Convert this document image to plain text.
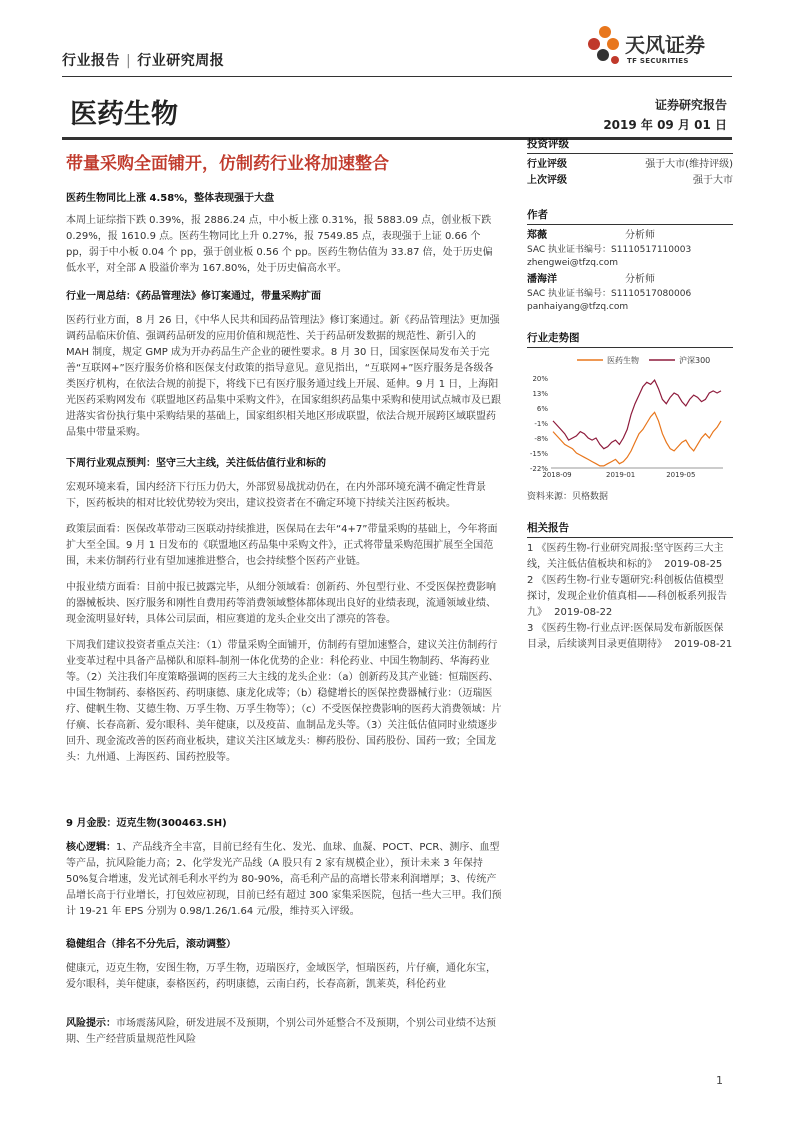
行业报告 | 行业研究周报
天风证券
TF SECURITIES
医药生物	证券研究报告
2019 年 09 月 01 日
带量采购全面铺开，仿制药行业将加速整合

医药生物同比上涨 4.58%，整体表现强于大盘

本周上证综指下跌 0.39%，报 2886.24 点，中小板上涨 0.31%，报 5883.09 点，创业板下跌 0.29%，报 1610.9 点。医药生物同比上升 0.27%，报 7549.85 点，表现强于上证 0.66 个 pp，弱于中小板 0.04 个 pp，强于创业板 0.56 个 pp。医药生物估值为 33.87 倍，处于历史偏低水平，对全部 A 股溢价率为 167.80%，处于历史偏高水平。

行业一周总结：《药品管理法》修订案通过，带量采购扩面

医药行业方面，8 月 26 日，《中华人民共和国药品管理法》修订案通过。新《药品管理法》更加强调药品临床价值、强调药品研发的应用价值和规范性、关于药品研发数据的规范性、新引入的 MAH 制度，规定 GMP 成为开办药品生产企业的硬性要求。8 月 30 日，国家医保局发布关于完善“互联网+”医疗服务价格和医保支付政策的指导意见。意见指出，“互联网+”医疗服务是各级各类医疗机构，在依法合规的前提下，将线下已有医疗服务通过线上开展、延伸。9 月 1 日，上海阳光医药采购网发布《联盟地区药品集中采购文件》，在国家组织药品集中采购和使用试点城市及已跟进落实省份执行集中采购结果的基础上，国家组织相关地区形成联盟，依法合规开展跨区域联盟药品集中带量采购。

下周行业观点预判：坚守三大主线，关注低估值行业和标的

宏观环境来看，国内经济下行压力仍大，外部贸易战扰动仍在，在内外部环境充满不确定性背景下，医药板块的相对比较优势较为突出，建议投资者在不确定环境下持续关注医药板块。

政策层面看：医保改革带动三医联动持续推进，医保局在去年“4+7”带量采购的基础上，今年将面扩大至全国。9 月 1 日发布的《联盟地区药品集中采购文件》，正式将带量采购范围扩展至全国范围，未来仿制药行业有望加速推进整合，也会持续整个医药产业链。

中报业绩方面看：目前中报已披露完毕，从细分领域看：创新药、外包型行业、不受医保控费影响的器械板块、医疗服务和刚性自费用药等消费领域整体都体现出良好的业绩表现，流通领域业绩、现金流明显好转，具体公司层面，相应赛道的龙头企业交出了漂亮的答卷。

下周我们建议投资者重点关注：（1）带量采购全面铺开，仿制药有望加速整合，建议关注仿制药行业变革过程中具备产品梯队和原料-制剂一体化优势的企业：科伦药业、中国生物制药、华海药业等。（2）关注我们年度策略强调的医药三大主线的龙头企业：（a）创新药及其产业链：恒瑞医药、中国生物制药、泰格医药、药明康德、康龙化成等；（b）稳健增长的医保控费器械行业：（迈瑞医疗、健帆生物、艾德生物、万孚生物、万孚生物等）；（c）不受医保控费影响的医药大消费领域：片仔癀、长春高新、爱尔眼科、美年健康，以及疫苗、血制品龙头等。（3）关注低估值同时业绩逐步回升、现金流改善的医药商业板块，建议关注区域龙头：柳药股份、国药股份、国药一致；全国龙头：九州通、上海医药、国药控股等。

9 月金股：迈克生物(300463.SH)

核心逻辑：1、产品线齐全丰富，目前已经有生化、发光、血球、血凝、POCT、PCR、测序、血型等产品，抗风险能力高；2、化学发光产品线（A 股只有 2 家有规模企业），预计未来 3 年保持 50%复合增速，发光试剂毛利水平约为 80-90%，高毛利产品的高增长带来利润增厚；3、传统产品增长高于行业增长，打包效应初现，目前已经有超过 300 家集采医院，包括一些大三甲。我们预计 19-21 年 EPS 分别为 0.98/1.26/1.64 元/股，维持买入评级。

稳健组合（排名不分先后，滚动调整）

健康元，迈克生物，安图生物，万孚生物，迈瑞医疗，金域医学，恒瑞医药，片仔癀，通化东宝，爱尔眼科，美年健康，泰格医药，药明康德，云南白药，长春高新，凯莱英，科伦药业

风险提示：市场震荡风险，研发进展不及预期，个别公司外延整合不及预期，个别公司业绩不达预期、生产经营质量规范性风险

投资评级
行业评级	强于大市(维持评级)
上次评级	强于大市
作者
郑薇	分析师
SAC 执业证书编号：S1110517110003
zhengwei@tfzq.com
潘海洋	分析师
SAC 执业证书编号：S1110517080006
panhaiyang@tfzq.com
行业走势图
医药生物	沪深300
20%
13%
6%
-1%
-8%
-15%
-22%
2018-09	2019-01	2019-05
资料来源：贝格数据
相关报告

1 《医药生物-行业研究周报:坚守医药三大主线，关注低估值板块和标的》 2019-08-25

2 《医药生物-行业专题研究:科创板估值模型探讨，发现企业价值真相——科创板系列报告 九》 2019-08-22

3 《医药生物-行业点评:医保局发布新版医保目录，后续谈判目录更值期待》 2019-08-21

1
